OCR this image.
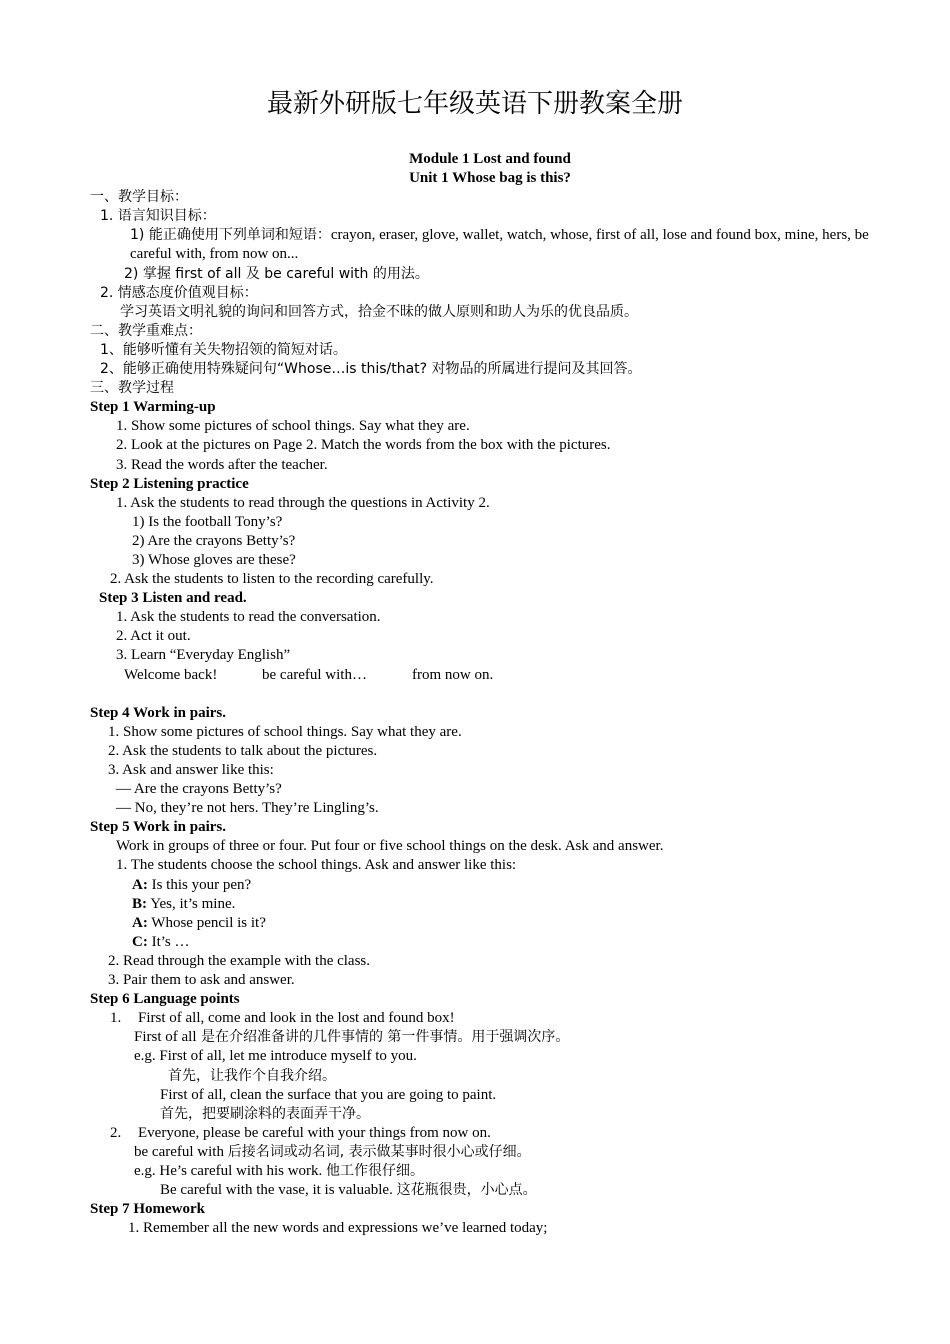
最新外研版七年级英语下册教案全册
Module 1 Lost and found
Unit 1 Whose bag is this?
一、教学目标：
1. 语言知识目标：
1) 能正确使用下列单词和短语：crayon, eraser, glove, wallet, watch, whose, first of all, lose and found box, mine, hers, be careful with, from now on...
2) 掌握 first of all 及 be careful with 的用法。
2. 情感态度价值观目标：
学习英语文明礼貌的询问和回答方式，拾金不昧的做人原则和助人为乐的优良品质。
二、教学重难点：
1、能够听懂有关失物招领的简短对话。
2、能够正确使用特殊疑问句“Whose…is this/that? 对物品的所属进行提问及其回答。
三、教学过程
Step 1 Warming-up
1. Show some pictures of school things. Say what they are.
2. Look at the pictures on Page 2. Match the words from the box with the pictures.
3. Read the words after the teacher.
Step 2 Listening practice
1. Ask the students to read through the questions in Activity 2.
1) Is the football Tony’s?
2) Are the crayons Betty’s?
3) Whose gloves are these?
2. Ask the students to listen to the recording carefully.
Step 3 Listen and read.
1. Ask the students to read the conversation.
2. Act it out.
3. Learn “Everyday English”
Welcome back!	be careful with…	from now on.
Step 4 Work in pairs.
1. Show some pictures of school things. Say what they are.
2. Ask the students to talk about the pictures.
3. Ask and answer like this:
— Are the crayons Betty’s?
— No, they’re not hers. They’re Lingling’s.
Step 5 Work in pairs.
Work in groups of three or four. Put four or five school things on the desk. Ask and answer.
1. The students choose the school things. Ask and answer like this:
A: Is this your pen?
B: Yes, it’s mine.
A: Whose pencil is it?
C: It’s …
2. Read through the example with the class.
3. Pair them to ask and answer.
Step 6 Language points
1. First of all, come and look in the lost and found box!
First of all 是在介绍准备讲的几件事情的 第一件事情。用于强调次序。
e.g. First of all, let me introduce myself to you.
首先，让我作个自我介绍。
First of all, clean the surface that you are going to paint.
首先，把要刷涂料的表面弄干净。
2. Everyone, please be careful with your things from now on.
be careful with 后接名词或动名词, 表示做某事时很小心或仔细。
e.g. He’s careful with his work. 他工作很仔细。
Be careful with the vase, it is valuable. 这花瓶很贵，小心点。
Step 7 Homework
1. Remember all the new words and expressions we’ve learned today;
